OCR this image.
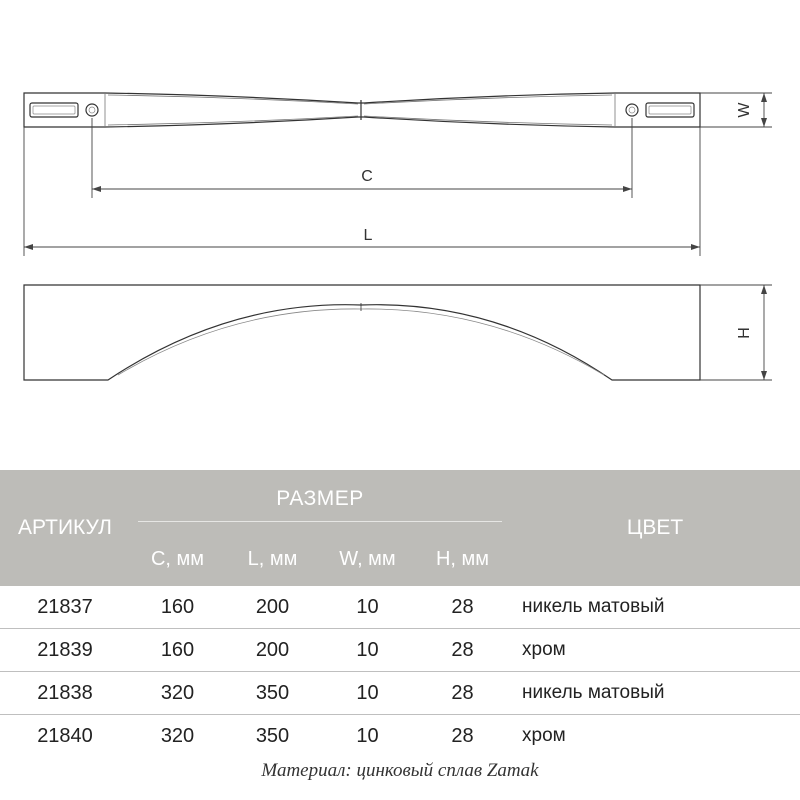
C
L
W
H
АРТИКУЛ	РАЗМЕР				ЦВЕТ
	C, мм	L, мм	W, мм	H, мм	
21837	160	200	10	28	никель матовый
21839	160	200	10	28	хром
21838	320	350	10	28	никель матовый
21840	320	350	10	28	хром
Материал: цинковый сплав Zamak
